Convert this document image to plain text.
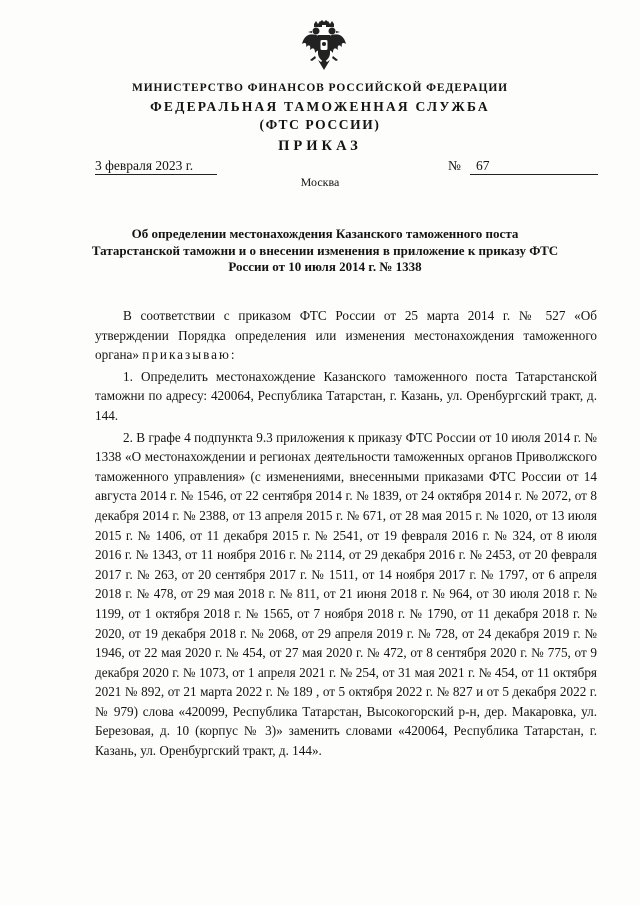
МИНИСТЕРСТВО ФИНАНСОВ РОССИЙСКОЙ ФЕДЕРАЦИИ
ФЕДЕРАЛЬНАЯ ТАМОЖЕННАЯ СЛУЖБА
(ФТС РОССИИ)
ПРИКАЗ
3 февраля 2023 г.	№	67
Москва
Об определении местонахождения Казанского таможенного поста Татарстанской таможни и о внесении изменения в приложение к приказу ФТС России от 10 июля 2014 г. № 1338

В соответствии с приказом ФТС России от 25 марта 2014 г. № 527 «Об утверждении Порядка определения или изменения местонахождения таможенного органа» приказываю:

1. Определить местонахождение Казанского таможенного поста Татарстанской таможни по адресу: 420064, Республика Татарстан, г. Казань, ул. Оренбургский тракт, д. 144.

2. В графе 4 подпункта 9.3 приложения к приказу ФТС России от 10 июля 2014 г. № 1338 «О местонахождении и регионах деятельности таможенных органов Приволжского таможенного управления» (с изменениями, внесенными приказами ФТС России от 14 августа 2014 г. № 1546, от 22 сентября 2014 г. № 1839, от 24 октября 2014 г. № 2072, от 8 декабря 2014 г. № 2388, от 13 апреля 2015 г. № 671, от 28 мая 2015 г. № 1020, от 13 июля 2015 г. № 1406, от 11 декабря 2015 г. № 2541, от 19 февраля 2016 г. № 324, от 8 июля 2016 г. № 1343, от 11 ноября 2016 г. № 2114, от 29 декабря 2016 г. № 2453, от 20 февраля 2017 г. № 263, от 20 сентября 2017 г. № 1511, от 14 ноября 2017 г. № 1797, от 6 апреля 2018 г. № 478, от 29 мая 2018 г. № 811, от 21 июня 2018 г. № 964, от 30 июля 2018 г. № 1199, от 1 октября 2018 г. № 1565, от 7 ноября 2018 г. № 1790, от 11 декабря 2018 г. № 2020, от 19 декабря 2018 г. № 2068, от 29 апреля 2019 г. № 728, от 24 декабря 2019 г. № 1946, от 22 мая 2020 г. № 454, от 27 мая 2020 г. № 472, от 8 сентября 2020 г. № 775, от 9 декабря 2020 г. № 1073, от 1 апреля 2021 г. № 254, от 31 мая 2021 г. № 454, от 11 октября 2021 № 892, от 21 марта 2022 г. № 189 , от 5 октября 2022 г. № 827 и от 5 декабря 2022 г. № 979) слова «420099, Республика Татарстан, Высокогорский р-н, дер. Макаровка, ул. Березовая, д. 10 (корпус № 3)» заменить словами «420064, Республика Татарстан, г. Казань, ул. Оренбургский тракт, д. 144».
